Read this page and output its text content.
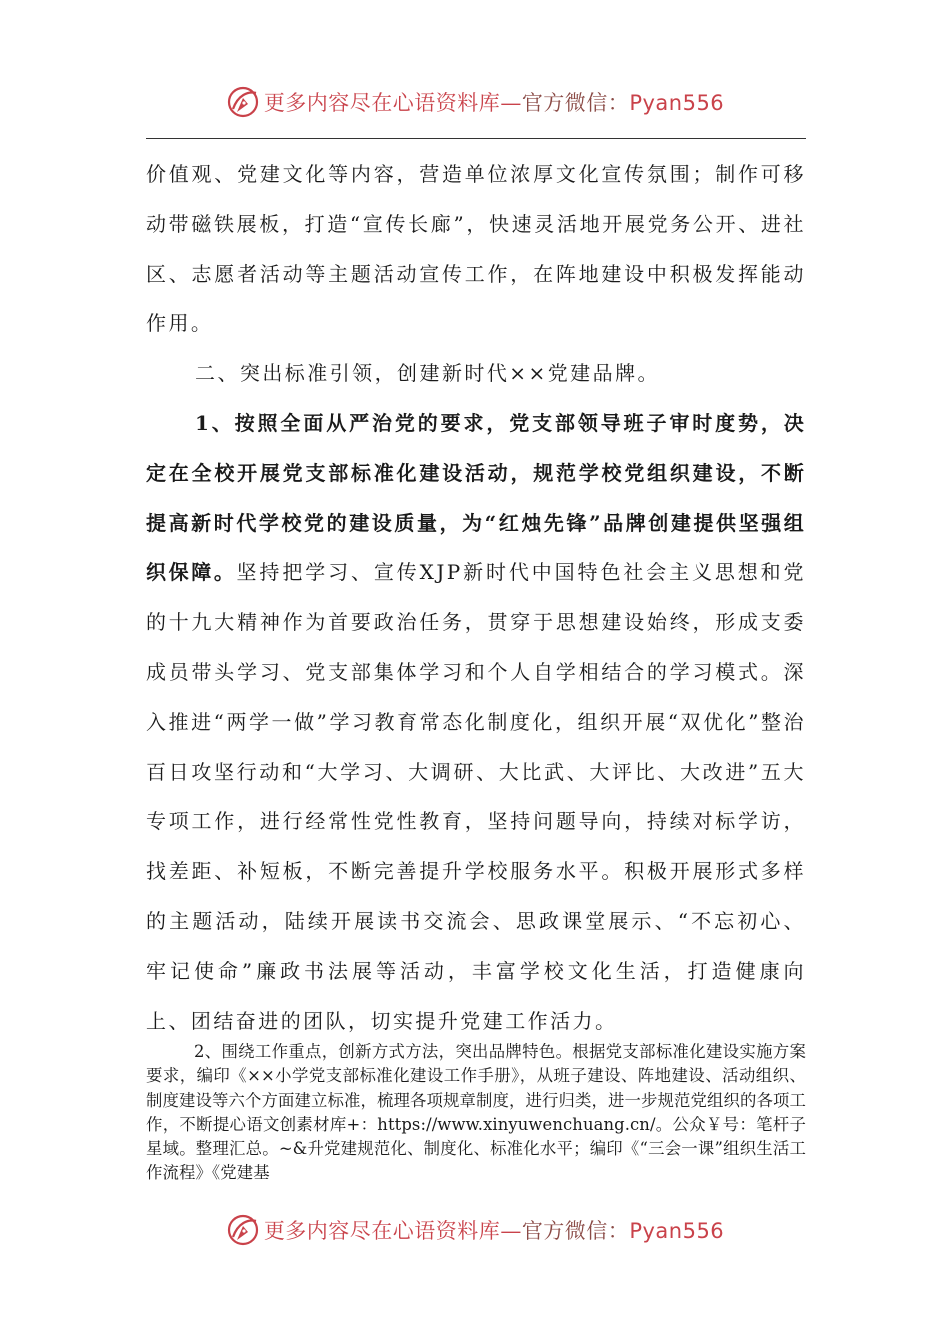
更多内容尽在心语资料库—官方微信：Pyan556

价值观、党建文化等内容，营造单位浓厚文化宣传氛围；制作可移动带磁铁展板，打造“宣传长廊”，快速灵活地开展党务公开、进社区、志愿者活动等主题活动宣传工作，在阵地建设中积极发挥能动作用。

二、突出标准引领，创建新时代××党建品牌。

1、按照全面从严治党的要求，党支部领导班子审时度势，决定在全校开展党支部标准化建设活动，规范学校党组织建设，不断提高新时代学校党的建设质量，为“红烛先锋”品牌创建提供坚强组织保障。坚持把学习、宣传XJP新时代中国特色社会主义思想和党的十九大精神作为首要政治任务，贯穿于思想建设始终，形成支委成员带头学习、党支部集体学习和个人自学相结合的学习模式。深入推进“两学一做”学习教育常态化制度化，组织开展“双优化”整治百日攻坚行动和“大学习、大调研、大比武、大评比、大改进”五大专项工作，进行经常性党性教育，坚持问题导向，持续对标学访，找差距、补短板，不断完善提升学校服务水平。积极开展形式多样的主题活动，陆续开展读书交流会、思政课堂展示、“不忘初心、牢记使命”廉政书法展等活动，丰富学校文化生活，打造健康向上、团结奋进的团队，切实提升党建工作活力。

2、围绕工作重点，创新方式方法，突出品牌特色。根据党支部标准化建设实施方案要求，编印《××小学党支部标准化建设工作手册》，从班子建设、阵地建设、活动组织、制度建设等六个方面建立标准，梳理各项规章制度，进行归类，进一步规范党组织的各项工作，不断提心语文创素材库+：https://www.xinyuwenchuang.cn/。公众￥号：笔杆子星域。整理汇总。~&升党建规范化、制度化、标准化水平；编印《“三会一课”组织生活工作流程》《党建基

更多内容尽在心语资料库—官方微信：Pyan556
